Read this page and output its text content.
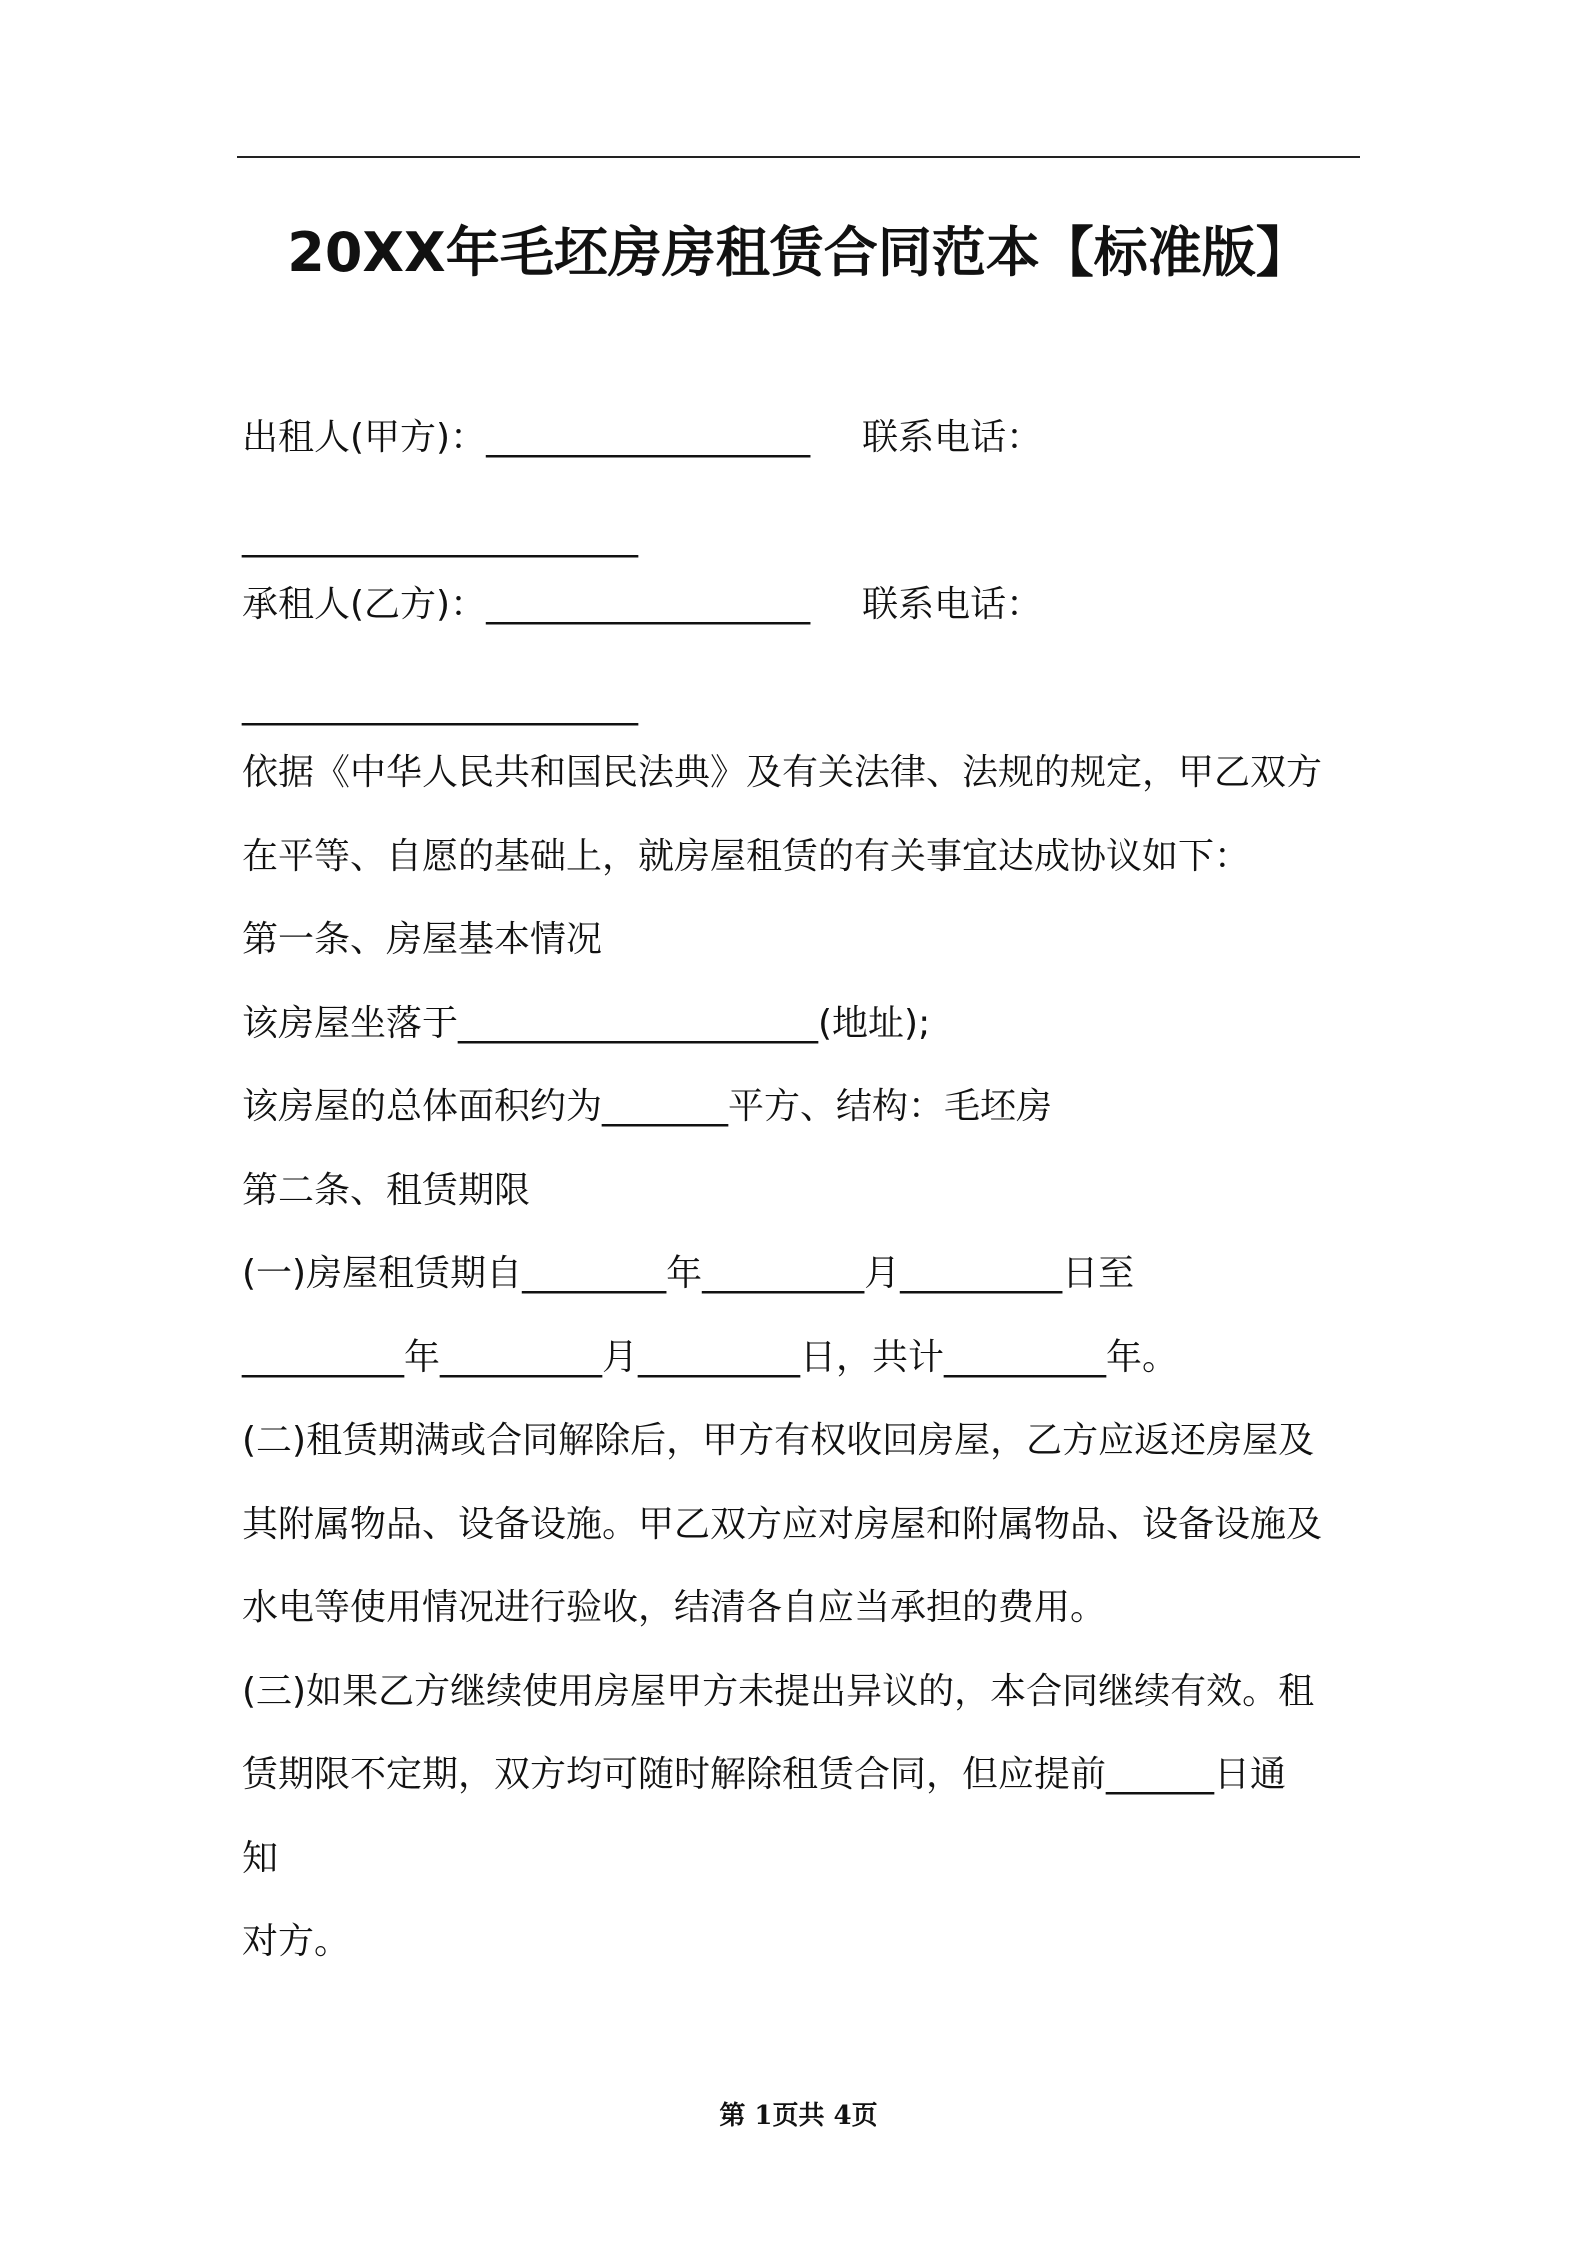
20XX年毛坯房房租赁合同范本【标准版】
出租人(甲方)：__________________ 联系电话：
______________________
承租人(乙方)：__________________ 联系电话：
______________________
依据《中华人民共和国民法典》及有关法律、法规的规定，甲乙双方
在平等、自愿的基础上，就房屋租赁的有关事宜达成协议如下：
第一条、房屋基本情况
该房屋坐落于____________________(地址);
该房屋的总体面积约为_______平方、结构：毛坯房
第二条、租赁期限
(一)房屋租赁期自________年_________月_________日至
_________年_________月_________日，共计_________年。
(二)租赁期满或合同解除后，甲方有权收回房屋，乙方应返还房屋及
其附属物品、设备设施。甲乙双方应对房屋和附属物品、设备设施及
水电等使用情况进行验收，结清各自应当承担的费用。
(三)如果乙方继续使用房屋甲方未提出异议的，本合同继续有效。租
赁期限不定期，双方均可随时解除租赁合同，但应提前______日通
知
对方。
第 1页共 4页
